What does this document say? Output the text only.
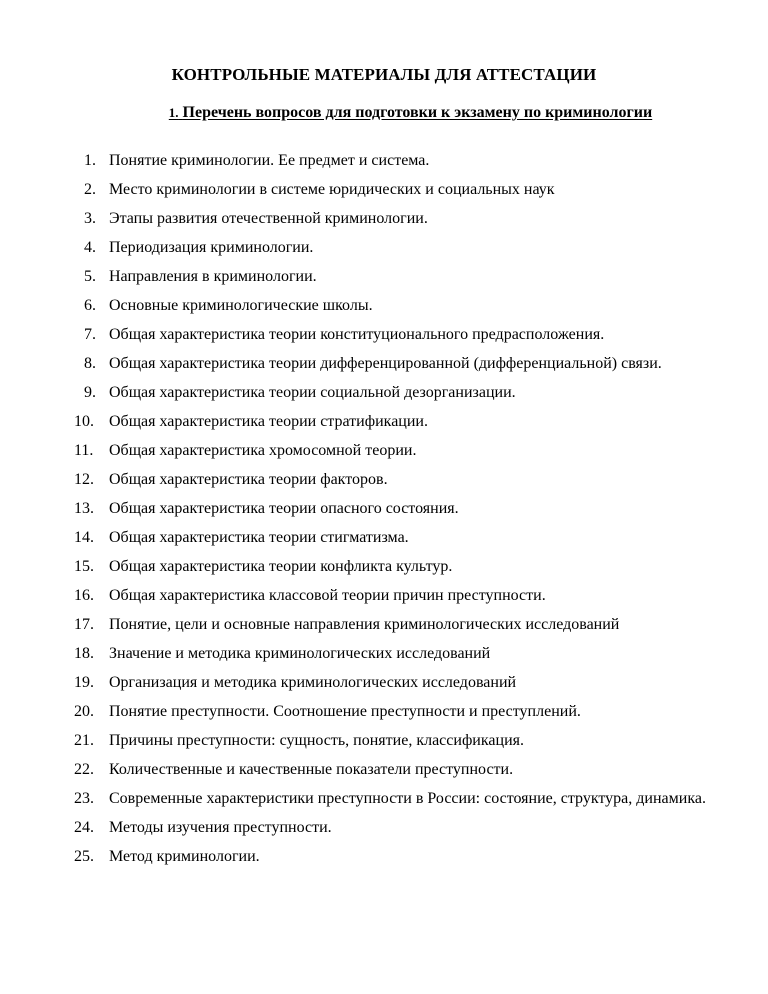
КОНТРОЛЬНЫЕ МАТЕРИАЛЫ ДЛЯ АТТЕСТАЦИИ
1. Перечень вопросов для подготовки к экзамену по криминологии
1. Понятие криминологии. Ее предмет и система.
2. Место криминологии в системе юридических и социальных наук
3. Этапы развития отечественной криминологии.
4. Периодизация криминологии.
5. Направления в криминологии.
6. Основные криминологические школы.
7. Общая характеристика теории конституционального предрасположения.
8. Общая характеристика теории дифференцированной (дифференциальной) связи.
9. Общая характеристика теории социальной дезорганизации.
10. Общая характеристика теории стратификации.
11. Общая характеристика хромосомной теории.
12. Общая характеристика теории факторов.
13. Общая характеристика теории опасного состояния.
14. Общая характеристика теории стигматизма.
15. Общая характеристика теории конфликта культур.
16. Общая характеристика классовой теории причин преступности.
17. Понятие, цели и основные направления криминологических исследований
18. Значение и методика криминологических исследований
19. Организация и методика криминологических исследований
20. Понятие преступности. Соотношение преступности и преступлений.
21. Причины преступности: сущность, понятие, классификация.
22. Количественные и качественные показатели преступности.
23. Современные характеристики преступности в России: состояние, структура, динамика.
24. Методы изучения преступности.
25. Метод криминологии.
